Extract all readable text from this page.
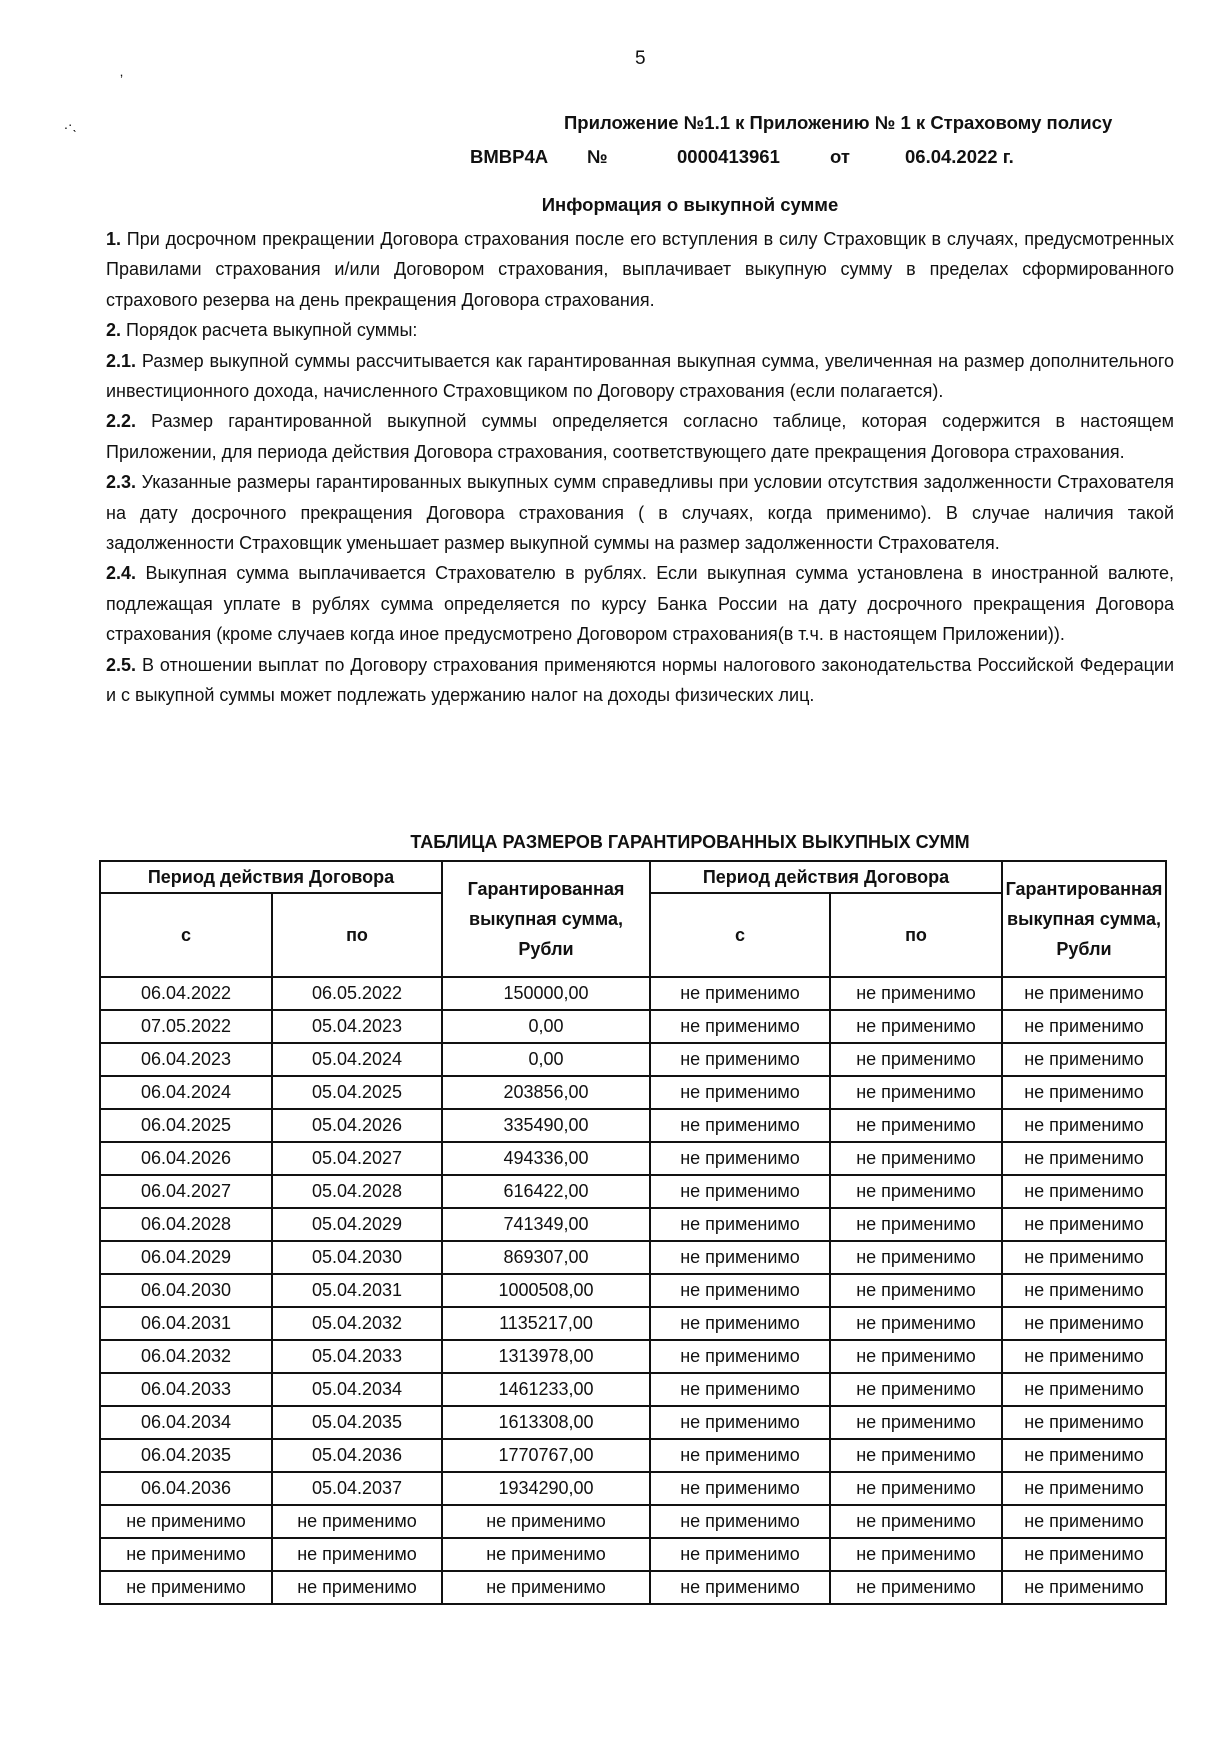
5
ʼ
.·ˎ	Приложение №1.1 к Приложению № 1 к Страховому полису
ВМВР4А №	0000413961	от	06.04.2022 г.
Информация о выкупной сумме

1. При досрочном прекращении Договора страхования после его вступления в силу Страховщик в случаях, предусмотренных Правилами страхования и/или Договором страхования, выплачивает выкупную сумму в пределах сформированного страхового резерва на день прекращения Договора страхования.

2. Порядок расчета выкупной суммы:

2.1. Размер выкупной суммы рассчитывается как гарантированная выкупная сумма, увеличенная на размер дополнительного инвестиционного дохода, начисленного Страховщиком по Договору страхования (если полагается).

2.2. Размер гарантированной выкупной суммы определяется согласно таблице, которая содержится в настоящем Приложении, для периода действия Договора страхования, соответствующего дате прекращения Договора страхования.

2.3. Указанные размеры гарантированных выкупных сумм справедливы при условии отсутствия задолженности Страхователя на дату досрочного прекращения Договора страхования ( в случаях, когда применимо). В случае наличия такой задолженности Страховщик уменьшает размер выкупной суммы на размер задолженности Страхователя.

2.4. Выкупная сумма выплачивается Страхователю в рублях. Если выкупная сумма установлена в иностранной валюте, подлежащая уплате в рублях сумма определяется по курсу Банка России на дату досрочного прекращения Договора страхования (кроме случаев когда иное предусмотрено Договором страхования(в т.ч. в настоящем Приложении)).

2.5. В отношении выплат по Договору страхования применяются нормы налогового законодательства Российской Федерации и с выкупной суммы может подлежать удержанию налог на доходы физических лиц.

ТАБЛИЦА РАЗМЕРОВ ГАРАНТИРОВАННЫХ ВЫКУПНЫХ СУММ
Период действия Договора		Гарантированная выкупная сумма, Рубли	Период действия Договора		Гарантированная выкупная сумма, Рубли
с	по		с	по	
06.04.2022	06.05.2022	150000,00	не применимо	не применимо	не применимо
07.05.2022	05.04.2023	0,00	не применимо	не применимо	не применимо
06.04.2023	05.04.2024	0,00	не применимо	не применимо	не применимо
06.04.2024	05.04.2025	203856,00	не применимо	не применимо	не применимо
06.04.2025	05.04.2026	335490,00	не применимо	не применимо	не применимо
06.04.2026	05.04.2027	494336,00	не применимо	не применимо	не применимо
06.04.2027	05.04.2028	616422,00	не применимо	не применимо	не применимо
06.04.2028	05.04.2029	741349,00	не применимо	не применимо	не применимо
06.04.2029	05.04.2030	869307,00	не применимо	не применимо	не применимо
06.04.2030	05.04.2031	1000508,00	не применимо	не применимо	не применимо
06.04.2031	05.04.2032	1135217,00	не применимо	не применимо	не применимо
06.04.2032	05.04.2033	1313978,00	не применимо	не применимо	не применимо
06.04.2033	05.04.2034	1461233,00	не применимо	не применимо	не применимо
06.04.2034	05.04.2035	1613308,00	не применимо	не применимо	не применимо
06.04.2035	05.04.2036	1770767,00	не применимо	не применимо	не применимо
06.04.2036	05.04.2037	1934290,00	не применимо	не применимо	не применимо
не применимо	не применимо	не применимо	не применимо	не применимо	не применимо
не применимо	не применимо	не применимо	не применимо	не применимо	не применимо
не применимо	не применимо	не применимо	не применимо	не применимо	не применимо
